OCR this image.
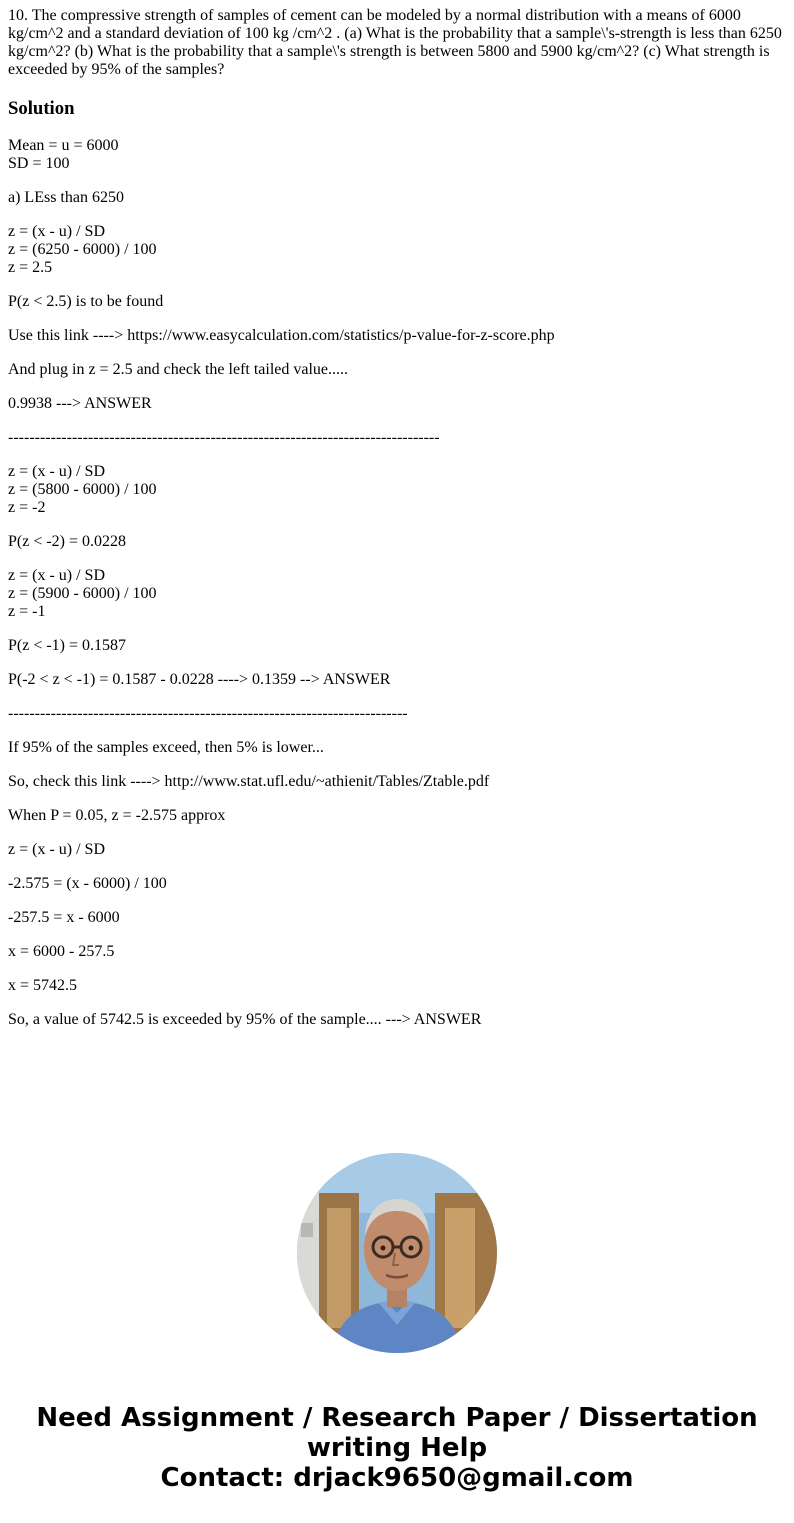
10. The compressive strength of samples of cement can be modeled by a normal distribution with a means of 6000 kg/cm^2 and a standard deviation of 100 kg /cm^2 . (a) What is the probability that a sample\'s-strength is less than 6250 kg/cm^2? (b) What is the probability that a sample\'s strength is between 5800 and 5900 kg/cm^2? (c) What strength is exceeded by 95% of the samples?

Solution

Mean = u = 6000
SD = 100

a) LEss than 6250

z = (x - u) / SD
z = (6250 - 6000) / 100
z = 2.5

P(z < 2.5) is to be found

Use this link ----> https://www.easycalculation.com/statistics/p-value-for-z-score.php

And plug in z = 2.5 and check the left tailed value.....

0.9938 ---> ANSWER

---------------------------------------------------------------------------------

z = (x - u) / SD
z = (5800 - 6000) / 100
z = -2

P(z < -2) = 0.0228

z = (x - u) / SD
z = (5900 - 6000) / 100
z = -1

P(z < -1) = 0.1587

P(-2 < z < -1) = 0.1587 - 0.0228 ----> 0.1359 --> ANSWER

---------------------------------------------------------------------------

If 95% of the samples exceed, then 5% is lower...

So, check this link ----> http://www.stat.ufl.edu/~athienit/Tables/Ztable.pdf

When P = 0.05, z = -2.575 approx

z = (x - u) / SD

-2.575 = (x - 6000) / 100

-257.5 = x - 6000

x = 6000 - 257.5

x = 5742.5

So, a value of 5742.5 is exceeded by 95% of the sample.... ---> ANSWER

Need Assignment / Research Paper / Dissertation
writing Help
Contact: drjack9650@gmail.com
